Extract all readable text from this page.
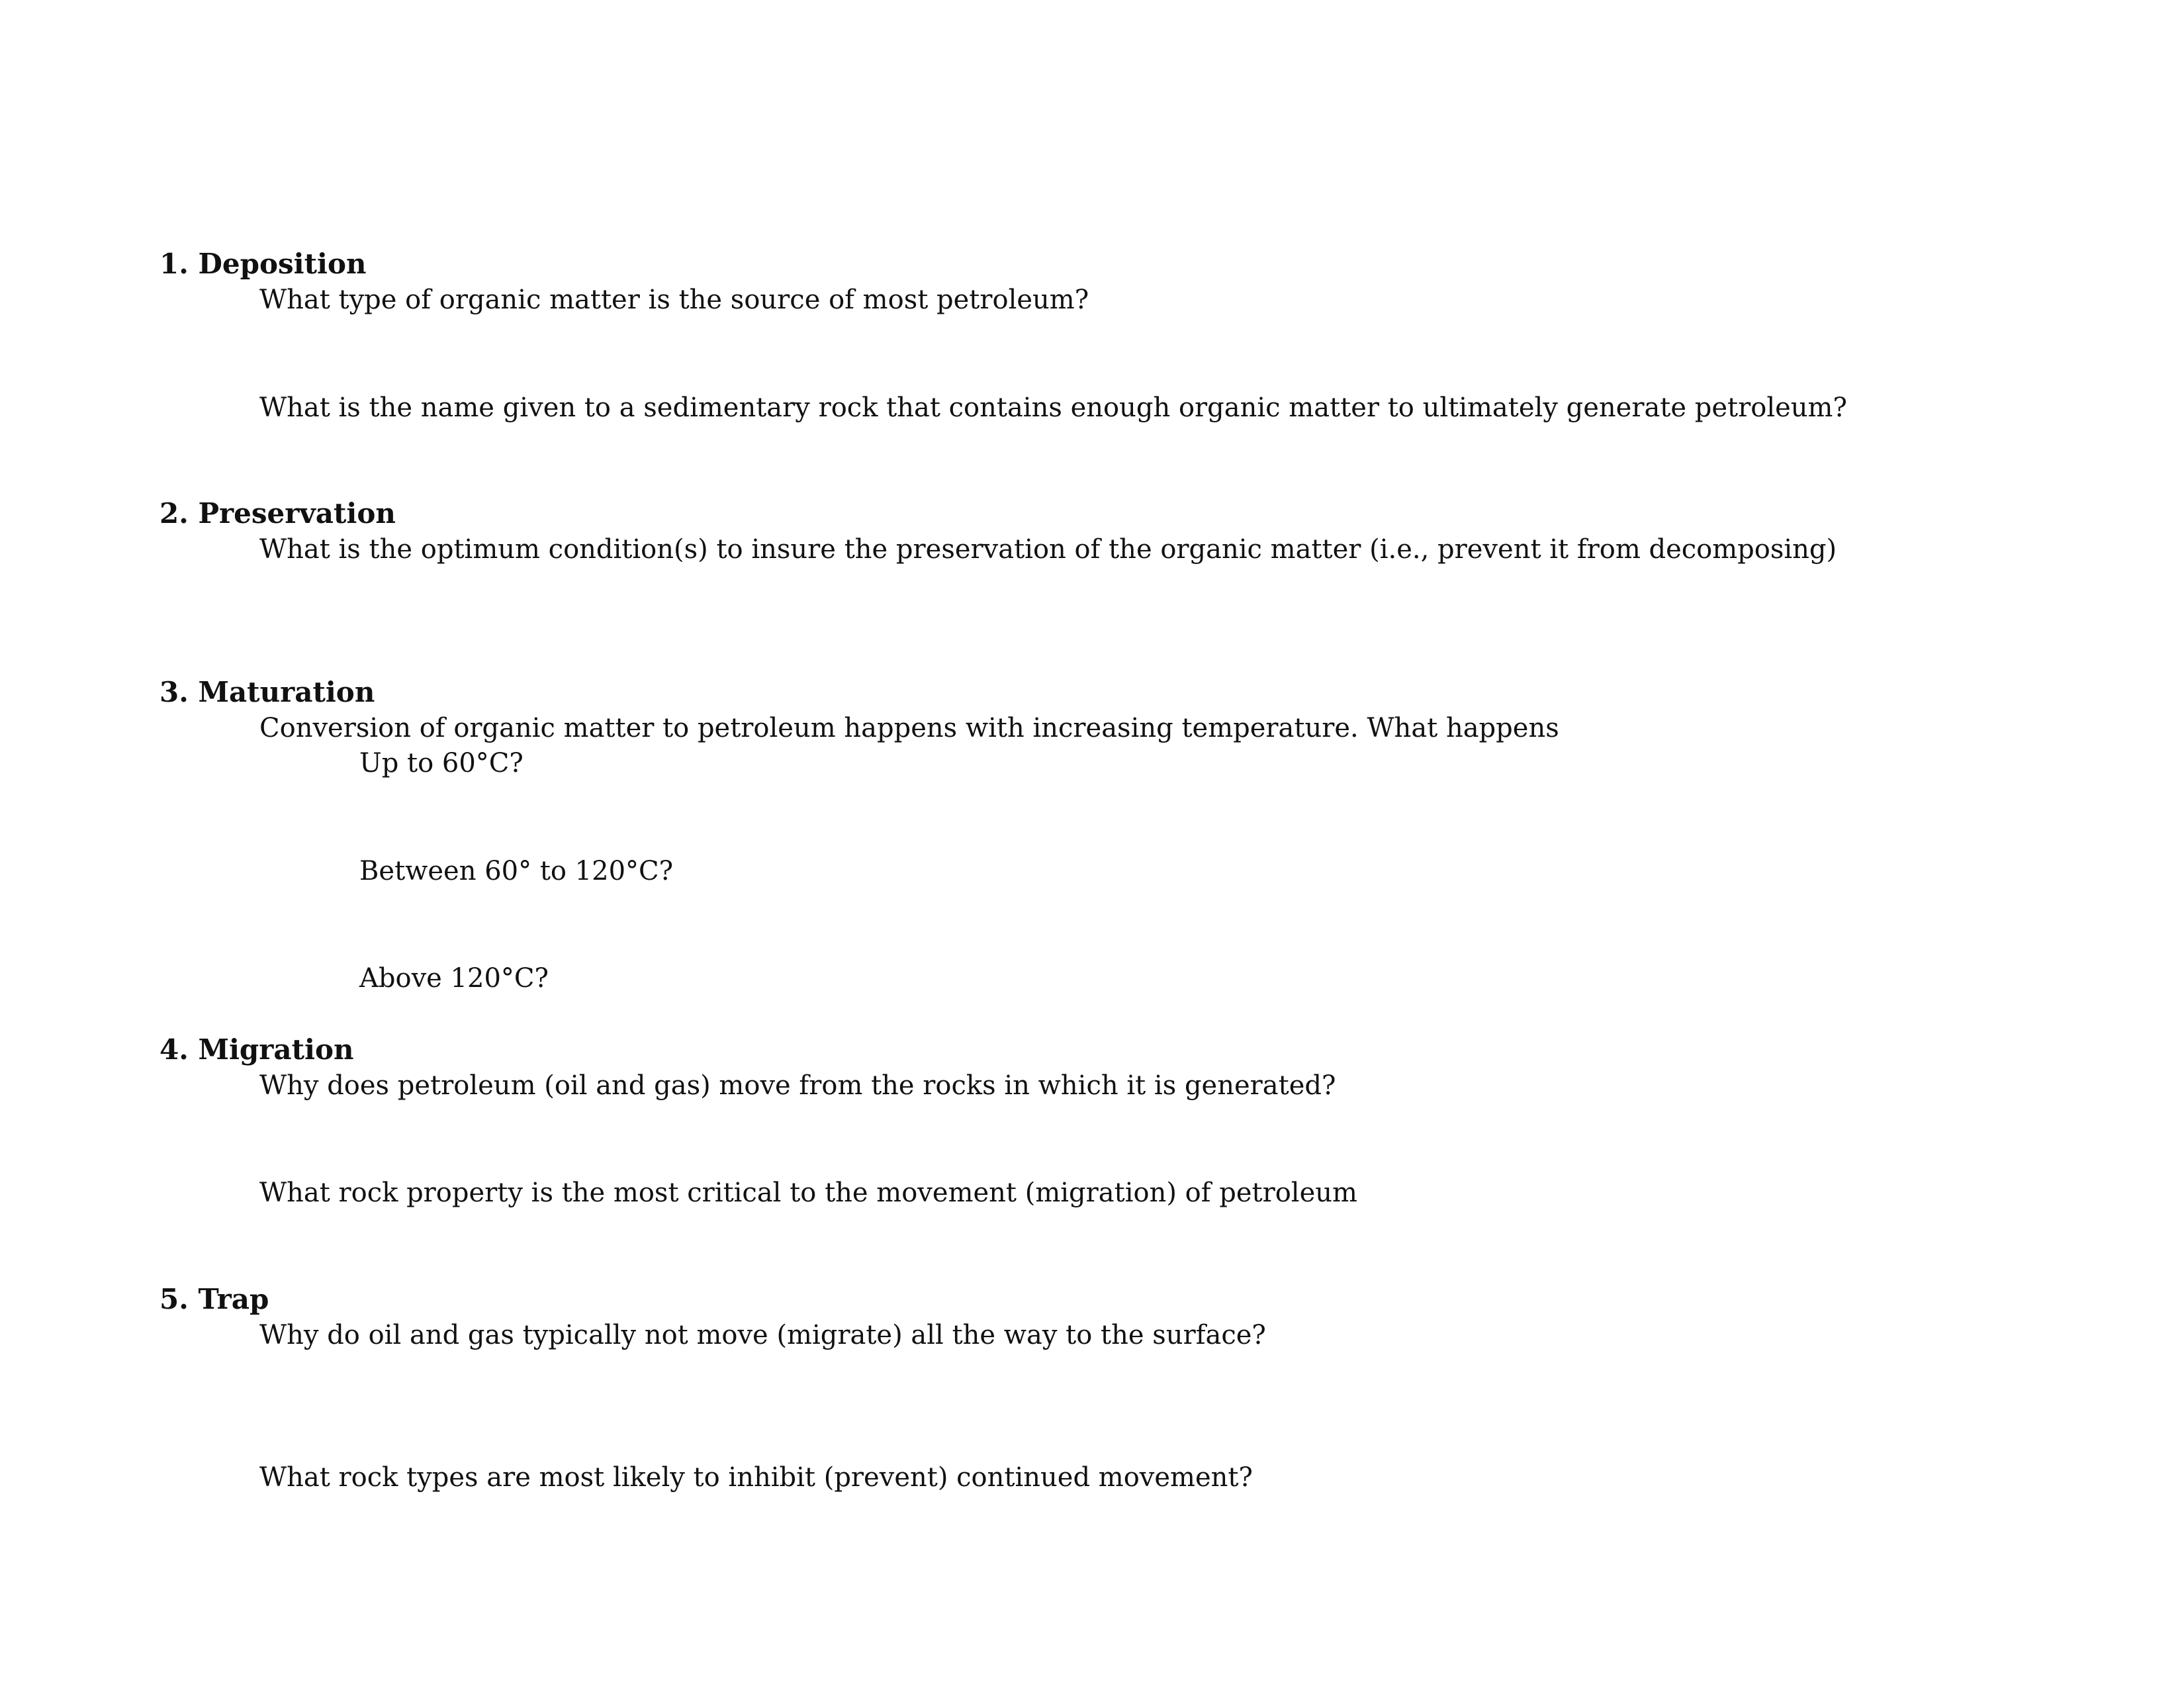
1. Deposition
What type of organic matter is the source of most petroleum?
What is the name given to a sedimentary rock that contains enough organic matter to ultimately generate petroleum?
2. Preservation
What is the optimum condition(s) to insure the preservation of the organic matter (i.e., prevent it from decomposing)
3. Maturation
Conversion of organic matter to petroleum happens with increasing temperature. What happens
Up to 60°C?
Between 60° to 120°C?
Above 120°C?
4. Migration
Why does petroleum (oil and gas) move from the rocks in which it is generated?
What rock property is the most critical to the movement (migration) of petroleum
5. Trap
Why do oil and gas typically not move (migrate) all the way to the surface?
What rock types are most likely to inhibit (prevent) continued movement?
